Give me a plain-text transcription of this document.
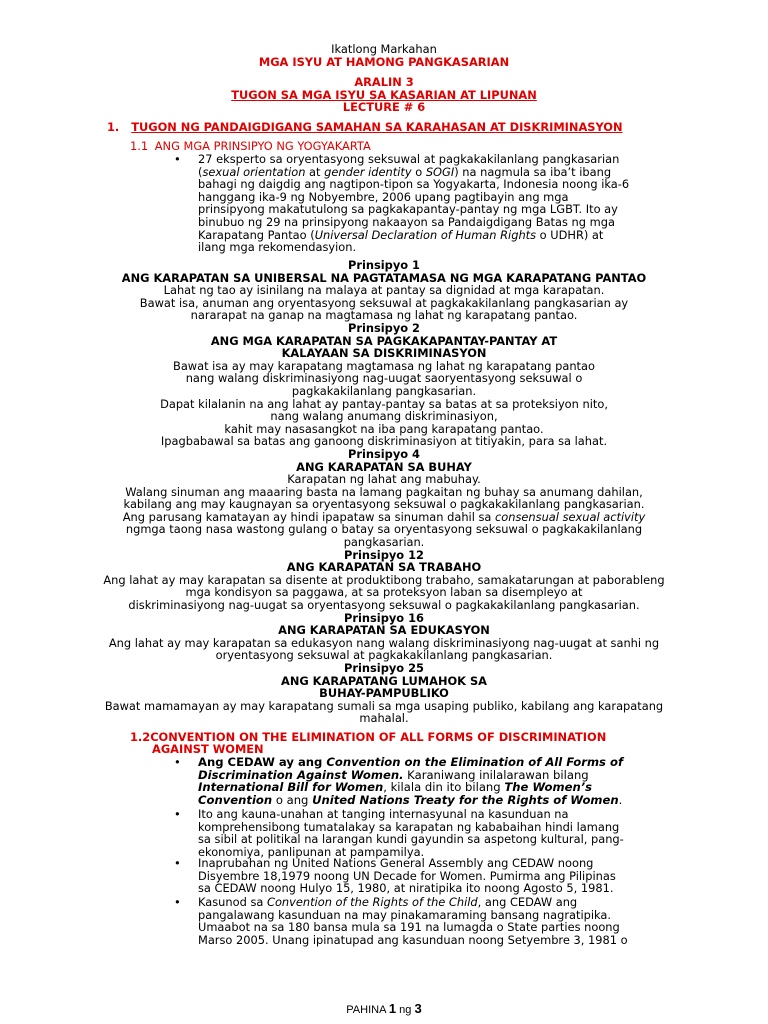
Ikatlong Markahan
MGA ISYU AT HAMONG PANGKASARIAN
ARALIN 3
TUGON SA MGA ISYU SA KASARIAN AT LIPUNAN
LECTURE # 6
1. TUGON NG PANDAIGDIGANG SAMAHAN SA KARAHASAN AT DISKRIMINASYON
1.1 ANG MGA PRINSIPYO NG YOGYAKARTA
• 27 eksperto sa oryentasyong seksuwal at pagkakakilanlang pangkasarian

(sexual orientation at gender identity o SOGI) na nagmula sa iba’t ibang

bahagi ng daigdig ang nagtipon-tipon sa Yogyakarta, Indonesia noong ika-6

hanggang ika-9 ng Nobyembre, 2006 upang pagtibayin ang mga

prinsipyong makatutulong sa pagkakapantay-pantay ng mga LGBT. Ito ay

binubuo ng 29 na prinsipyong nakaayon sa Pandaigdigang Batas ng mga

Karapatang Pantao (Universal Declaration of Human Rights o UDHR) at

ilang mga rekomendasyion.

Prinsipyo 1

ANG KARAPATAN SA UNIBERSAL NA PAGTATAMASA NG MGA KARAPATANG PANTAO

Lahat ng tao ay isinilang na malaya at pantay sa dignidad at mga karapatan.

Bawat isa, anuman ang oryentasyong seksuwal at pagkakakilanlang pangkasarian ay

nararapat na ganap na magtamasa ng lahat ng karapatang pantao.

Prinsipyo 2

ANG MGA KARAPATAN SA PAGKAKAPANTAY-PANTAY AT

KALAYAAN SA DISKRIMINASYON

Bawat isa ay may karapatang magtamasa ng lahat ng karapatang pantao

nang walang diskriminasiyong nag-uugat saoryentasyong seksuwal o

pagkakakilanlang pangkasarian.

Dapat kilalanin na ang lahat ay pantay-pantay sa batas at sa proteksiyon nito,

nang walang anumang diskriminasiyon,

kahit may nasasangkot na iba pang karapatang pantao.

Ipagbabawal sa batas ang ganoong diskriminasiyon at titiyakin, para sa lahat.

Prinsipyo 4

ANG KARAPATAN SA BUHAY

Karapatan ng lahat ang mabuhay.

Walang sinuman ang maaaring basta na lamang pagkaitan ng buhay sa anumang dahilan,

kabilang ang may kaugnayan sa oryentasyong seksuwal o pagkakakilanlang pangkasarian.

Ang parusang kamatayan ay hindi ipapataw sa sinuman dahil sa consensual sexual activity

ngmga taong nasa wastong gulang o batay sa oryentasyong seksuwal o pagkakakilanlang

pangkasarian.

Prinsipyo 12

ANG KARAPATAN SA TRABAHO

Ang lahat ay may karapatan sa disente at produktibong trabaho, samakatarungan at paborableng

mga kondisyon sa paggawa, at sa proteksyon laban sa disempleyo at

diskriminasiyong nag-uugat sa oryentasyong seksuwal o pagkakakilanlang pangkasarian.

Prinsipyo 16

ANG KARAPATAN SA EDUKASYON

Ang lahat ay may karapatan sa edukasyon nang walang diskriminasiyong nag-uugat at sanhi ng

oryentasyong seksuwal at pagkakakilanlang pangkasarian.

Prinsipyo 25

ANG KARAPATANG LUMAHOK SA

BUHAY-PAMPUBLIKO

Bawat mamamayan ay may karapatang sumali sa mga usaping publiko, kabilang ang karapatang

mahalal.

1.2CONVENTION ON THE ELIMINATION OF ALL FORMS OF DISCRIMINATION
AGAINST WOMEN
• Ang CEDAW ay ang Convention on the Elimination of All Forms of

Discrimination Against Women. Karaniwang inilalarawan bilang

International Bill for Women, kilala din ito bilang The Women’s

Convention o ang United Nations Treaty for the Rights of Women.

• Ito ang kauna-unahan at tanging internasyunal na kasunduan na

komprehensibong tumatalakay sa karapatan ng kababaihan hindi lamang

sa sibil at politikal na larangan kundi gayundin sa aspetong kultural, pang-

ekonomiya, panlipunan at pampamilya.

• Inaprubahan ng United Nations General Assembly ang CEDAW noong

Disyembre 18,1979 noong UN Decade for Women. Pumirma ang Pilipinas

sa CEDAW noong Hulyo 15, 1980, at niratipika ito noong Agosto 5, 1981.

• Kasunod sa Convention of the Rights of the Child, ang CEDAW ang

pangalawang kasunduan na may pinakamaraming bansang nagratipika.

Umaabot na sa 180 bansa mula sa 191 na lumagda o State parties noong

Marso 2005. Unang ipinatupad ang kasunduan noong Setyembre 3, 1981 o

PAHINA 1 ng 3
